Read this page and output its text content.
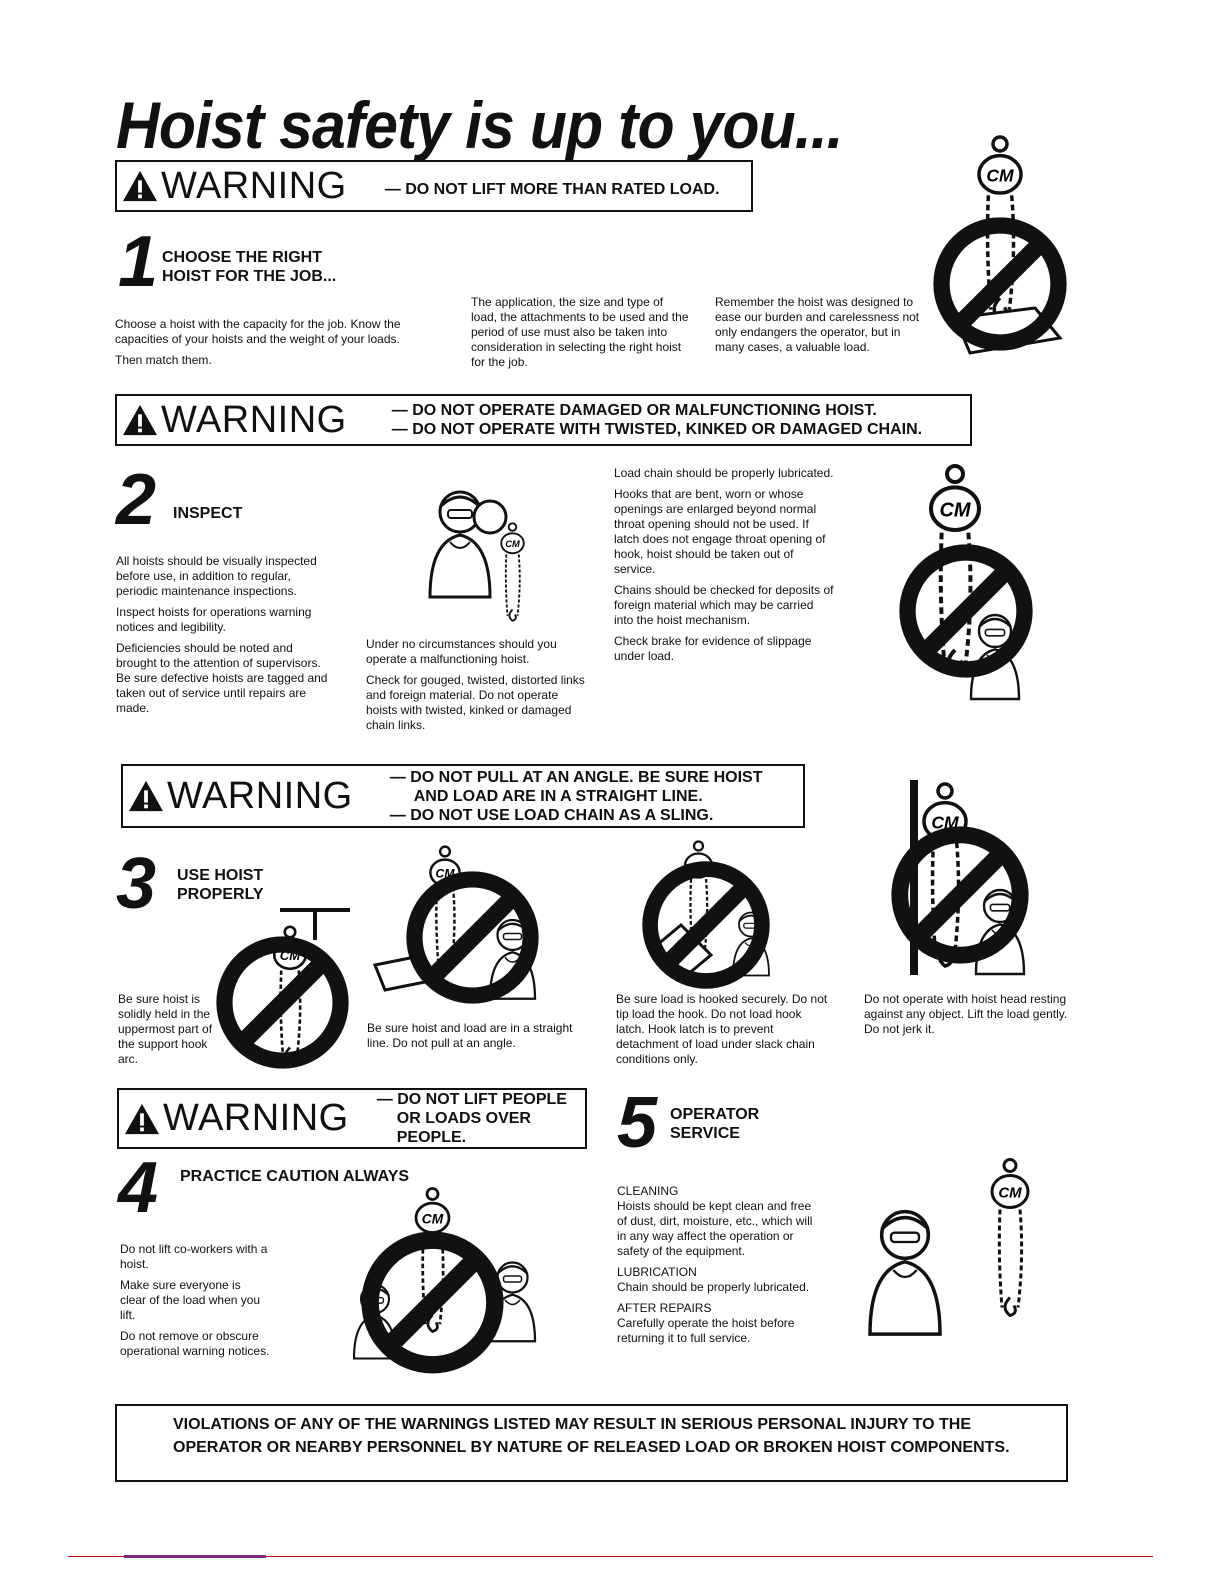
Hoist safety is up to you...
WARNING — DO NOT LIFT MORE THAN RATED LOAD.
1 CHOOSE THE RIGHT
HOIST FOR THE JOB...

Choose a hoist with the capacity for the job. Know the capacities of your hoists and the weight of your loads.

Then match them.

The application, the size and type of load, the attachments to be used and the period of use must also be taken into consideration in selecting the right hoist for the job.

Remember the hoist was designed to ease our burden and carelessness not only endangers the operator, but in many cases, a valuable load.

WARNING	— DO NOT OPERATE DAMAGED OR MALFUNCTIONING HOIST.
— DO NOT OPERATE WITH TWISTED, KINKED OR DAMAGED CHAIN.
2 INSPECT

All hoists should be visually inspected before use, in addition to regular, periodic maintenance inspections.

Inspect hoists for operations warning notices and legibility.

Deficiencies should be noted and brought to the attention of supervisors. Be sure defective hoists are tagged and taken out of service until repairs are made.

Under no circumstances should you operate a malfunctioning hoist.

Check for gouged, twisted, distorted links and foreign material. Do not operate hoists with twisted, kinked or damaged chain links.

Load chain should be properly lubricated.

Hooks that are bent, worn or whose openings are enlarged beyond normal throat opening should not be used. If latch does not engage throat opening of hook, hoist should be taken out of service.

Chains should be checked for deposits of foreign material which may be carried into the hoist mechanism.

Check brake for evidence of slippage under load.

WARNING — DO NOT PULL AT AN ANGLE. BE SURE HOIST
AND LOAD ARE IN A STRAIGHT LINE.
— DO NOT USE LOAD CHAIN AS A SLING.
3 USE HOIST
PROPERLY
Be sure hoist is solidly held in the uppermost part of the support hook arc.
Be sure hoist and load are in a straight line. Do not pull at an angle.
Be sure load is hooked securely. Do not tip load the hook. Do not load hook latch. Hook latch is to prevent detachment of load under slack chain conditions only.
Do not operate with hoist head resting against any object. Lift the load gently. Do not jerk it.
WARNING — DO NOT LIFT PEOPLE
OR LOADS OVER
PEOPLE.
4 PRACTICE CAUTION ALWAYS

Do not lift co-workers with a hoist.

Make sure everyone is clear of the load when you lift.

Do not remove or obscure operational warning notices.

5 OPERATOR
SERVICE
CLEANING

Hoists should be kept clean and free of dust, dirt, moisture, etc., which will in any way affect the operation or safety of the equipment.

LUBRICATION

Chain should be properly lubricated.

AFTER REPAIRS

Carefully operate the hoist before returning it to full service.

VIOLATIONS OF ANY OF THE WARNINGS LISTED MAY RESULT IN SERIOUS PERSONAL INJURY TO THE OPERATOR OR NEARBY PERSONNEL BY NATURE OF RELEASED LOAD OR BROKEN HOIST COMPONENTS.
